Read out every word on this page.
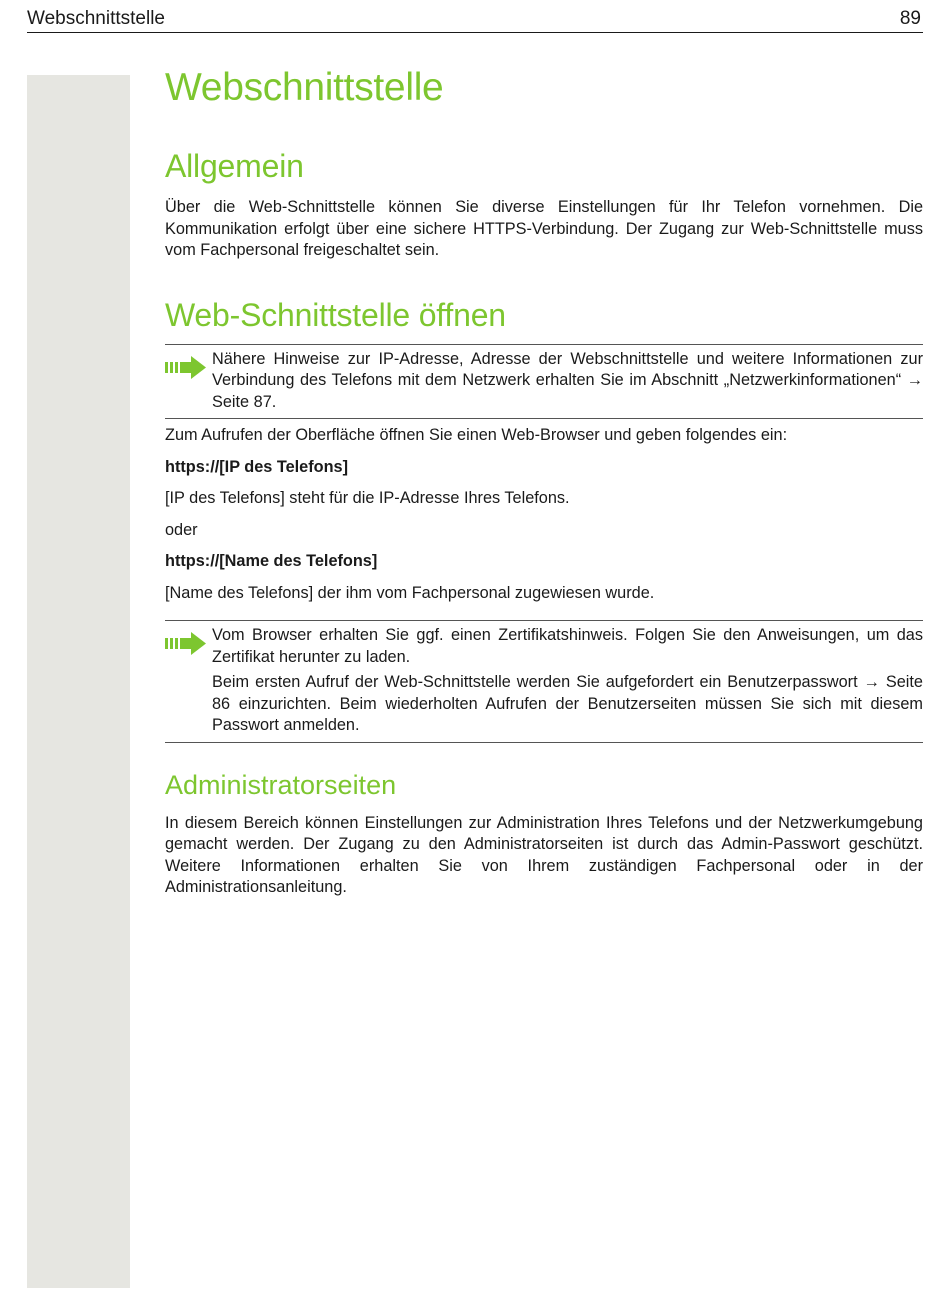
Webschnittstelle	89
Webschnittstelle
Allgemein

Über die Web-Schnittstelle können Sie diverse Einstellungen für Ihr Telefon vornehmen. Die Kommunikation erfolgt über eine sichere HTTPS-Verbindung. Der Zugang zur Web-Schnittstelle muss vom Fachpersonal freigeschaltet sein.

Web-Schnittstelle öffnen

Nähere Hinweise zur IP-Adresse, Adresse der Webschnittstelle und weitere Informationen zur Verbindung des Telefons mit dem Netzwerk erhalten Sie im Abschnitt „Netzwerkinformationen“ → Seite 87.

Zum Aufrufen der Oberfläche öffnen Sie einen Web-Browser und geben folgendes ein:

https://[IP des Telefons]

[IP des Telefons] steht für die IP-Adresse Ihres Telefons.

oder

https://[Name des Telefons]

[Name des Telefons] der ihm vom Fachpersonal zugewiesen wurde.

Vom Browser erhalten Sie ggf. einen Zertifikatshinweis. Folgen Sie den Anweisungen, um das Zertifikat herunter zu laden.

Beim ersten Aufruf der Web-Schnittstelle werden Sie aufgefordert ein Benutzerpasswort → Seite 86 einzurichten. Beim wiederholten Aufrufen der Benutzerseiten müssen Sie sich mit diesem Passwort anmelden.

Administratorseiten

In diesem Bereich können Einstellungen zur Administration Ihres Telefons und der Netzwerkumgebung gemacht werden. Der Zugang zu den Administratorseiten ist durch das Admin-Passwort geschützt. Weitere Informationen erhalten Sie von Ihrem zuständigen Fachpersonal oder in der Administrationsanleitung.
